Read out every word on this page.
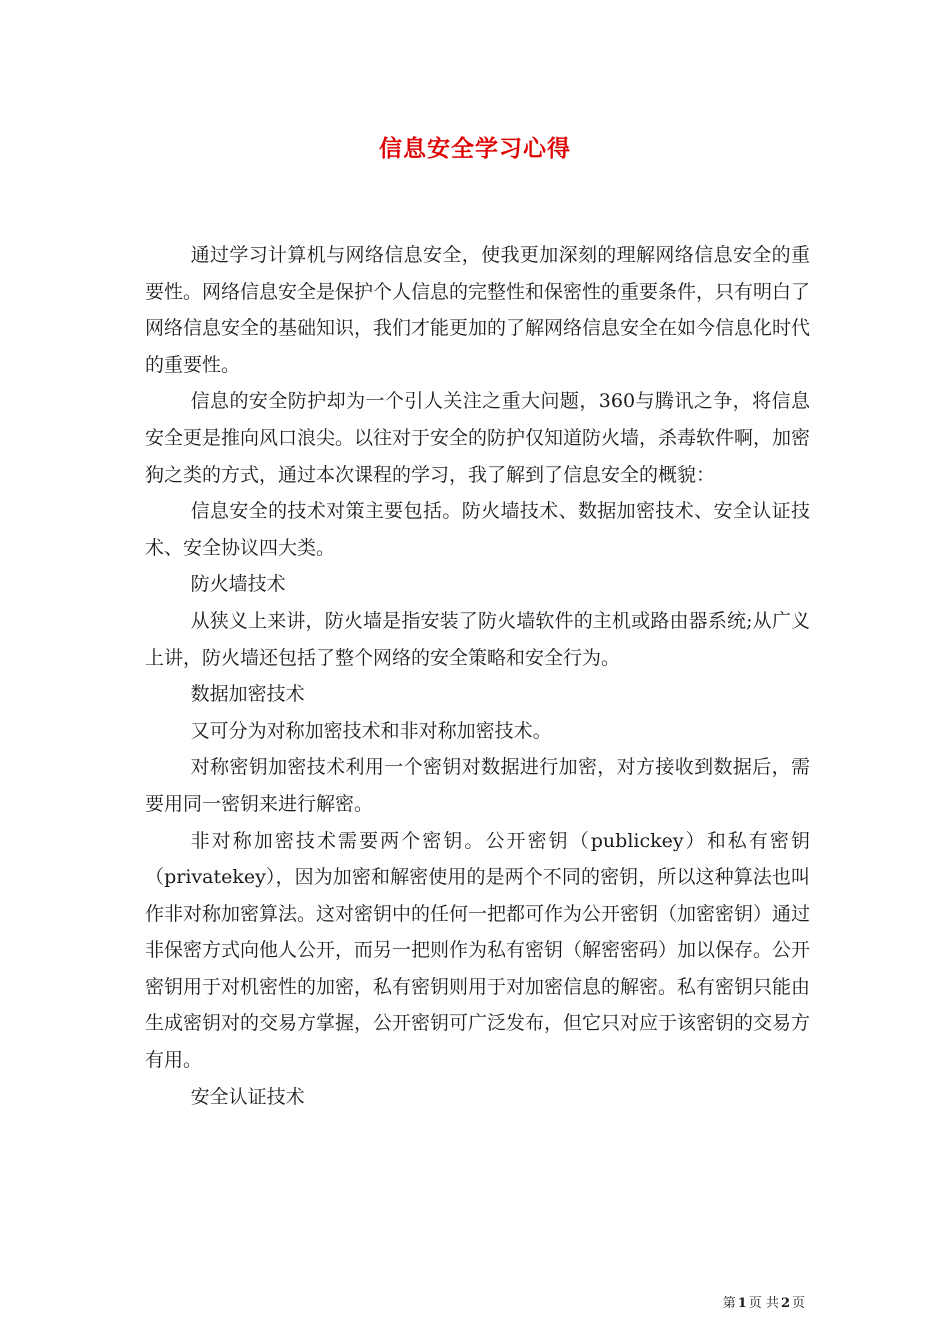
信息安全学习心得

通过学习计算机与网络信息安全，使我更加深刻的理解网络信息安全的重要性。网络信息安全是保护个人信息的完整性和保密性的重要条件，只有明白了网络信息安全的基础知识，我们才能更加的了解网络信息安全在如今信息化时代的重要性。

信息的安全防护却为一个引人关注之重大问题，360与腾讯之争，将信息安全更是推向风口浪尖。以往对于安全的防护仅知道防火墙，杀毒软件啊，加密狗之类的方式，通过本次课程的学习，我了解到了信息安全的概貌：

信息安全的技术对策主要包括。防火墙技术、数据加密技术、安全认证技术、安全协议四大类。

防火墙技术

从狭义上来讲，防火墙是指安装了防火墙软件的主机或路由器系统;从广义上讲，防火墙还包括了整个网络的安全策略和安全行为。

数据加密技术

又可分为对称加密技术和非对称加密技术。

对称密钥加密技术利用一个密钥对数据进行加密，对方接收到数据后，需要用同一密钥来进行解密。

非对称加密技术需要两个密钥。公开密钥（publickey）和私有密钥（privatekey），因为加密和解密使用的是两个不同的密钥，所以这种算法也叫作非对称加密算法。这对密钥中的任何一把都可作为公开密钥（加密密钥）通过非保密方式向他人公开，而另一把则作为私有密钥（解密密码）加以保存。公开密钥用于对机密性的加密，私有密钥则用于对加密信息的解密。私有密钥只能由生成密钥对的交易方掌握，公开密钥可广泛发布，但它只对应于该密钥的交易方有用。

安全认证技术

第 1 页 共 2 页
